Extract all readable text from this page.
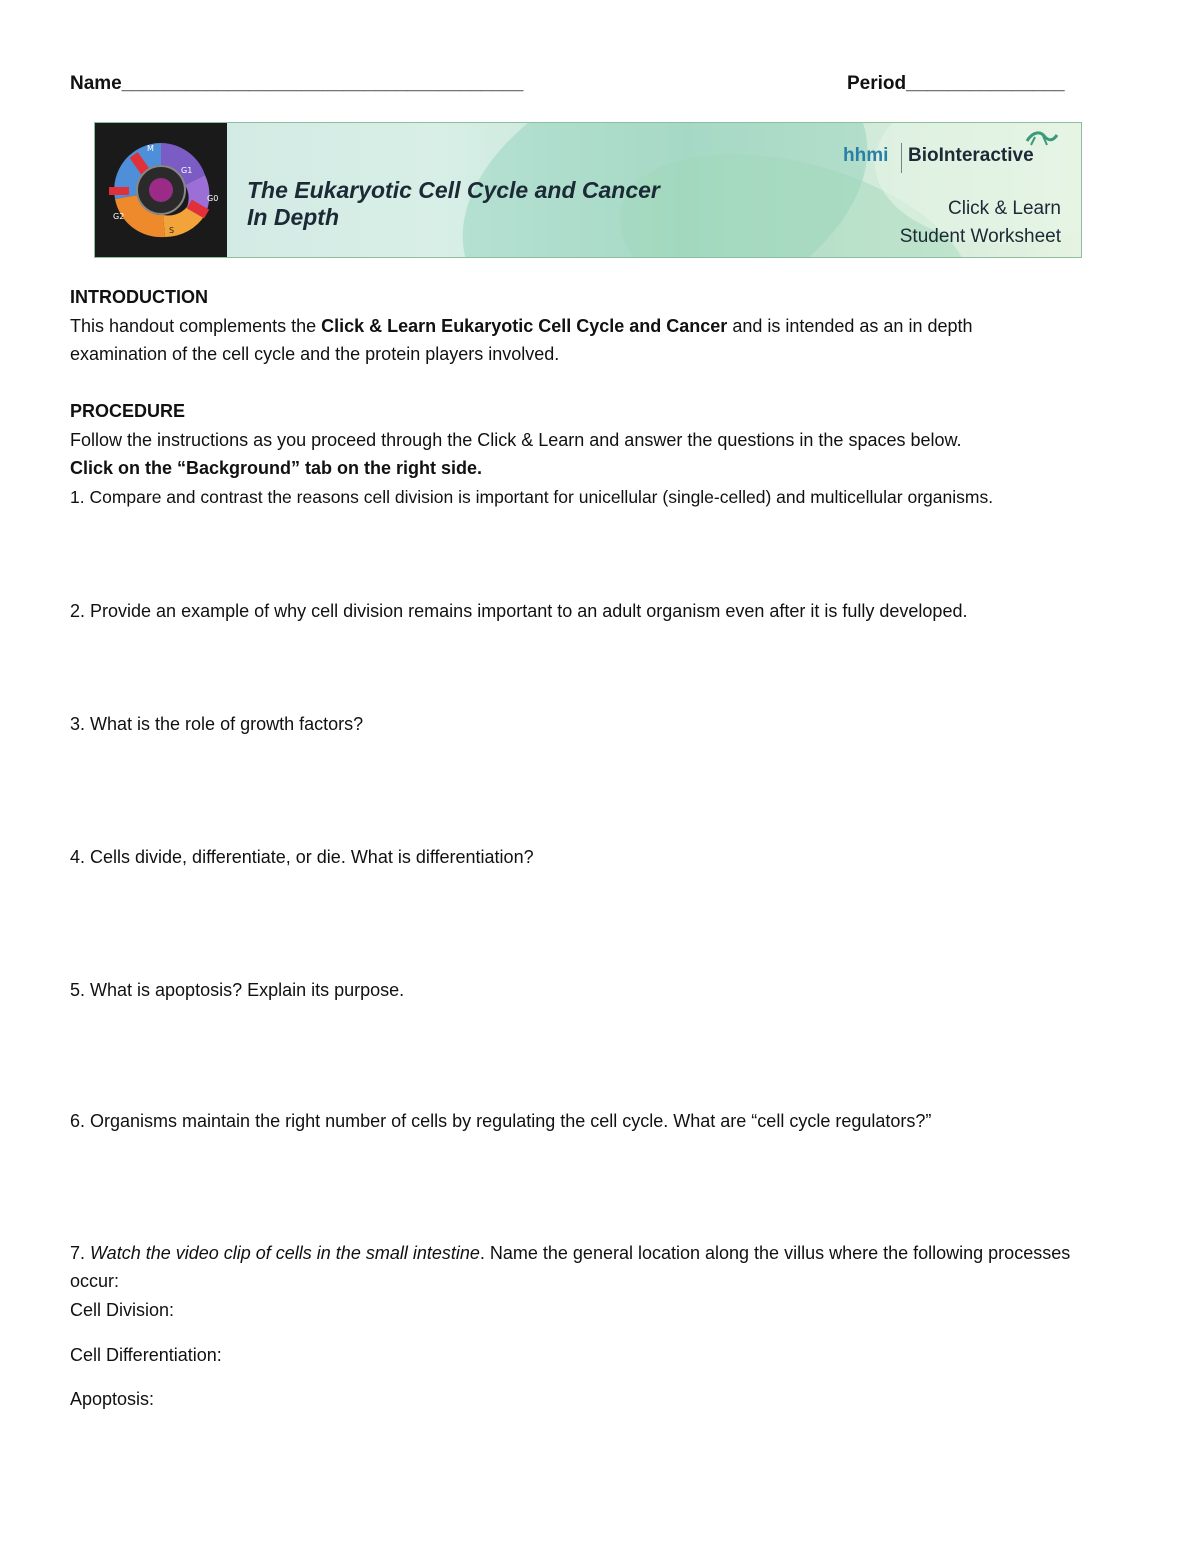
Name______________________________________	Period_______________
M
G1
G0
S
G2
The Eukaryotic Cell Cycle and Cancer
In Depth
hhmi BioInteractive
Click & Learn
Student Worksheet
INTRODUCTION
This handout complements the Click & Learn Eukaryotic Cell Cycle and Cancer and is intended as an in depth examination of the cell cycle and the protein players involved.
PROCEDURE
Follow the instructions as you proceed through the Click & Learn and answer the questions in the spaces below.
Click on the “Background” tab on the right side.
1. Compare and contrast the reasons cell division is important for unicellular (single-celled) and multicellular organisms.
2. Provide an example of why cell division remains important to an adult organism even after it is fully developed.
3. What is the role of growth factors?
4. Cells divide, differentiate, or die. What is differentiation?
5. What is apoptosis? Explain its purpose.
6. Organisms maintain the right number of cells by regulating the cell cycle. What are “cell cycle regulators?”
7. Watch the video clip of cells in the small intestine. Name the general location along the villus where the following processes occur:
Cell Division:
Cell Differentiation:
Apoptosis:
